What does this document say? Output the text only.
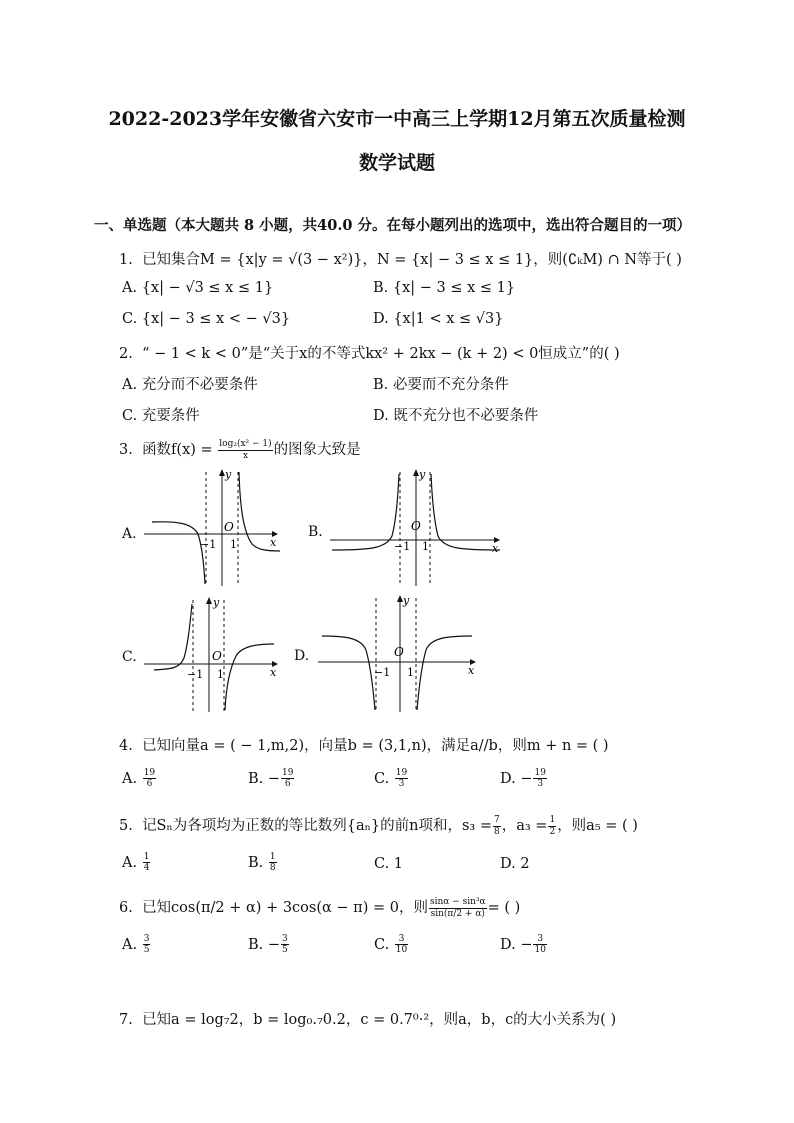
2022-2023学年安徽省六安市一中高三上学期12月第五次质量检测
数学试题
一、单选题（本大题共 8 小题，共40.0 分。在每小题列出的选项中，选出符合题目的一项）
1. 已知集合M = {x|y = √(3 − x²)}，N = {x| − 3 ≤ x ≤ 1}，则(∁ₖM) ∩ N等于( )
A. {x| − √3 ≤ x ≤ 1}	B. {x| − 3 ≤ x ≤ 1}
C. {x| − 3 ≤ x < − √3}	D. {x|1 < x ≤ √3}
2. “ − 1 < k < 0”是“关于x的不等式kx² + 2kx − (k + 2) < 0恒成立”的( )
A. 充分而不必要条件	B. 必要而不充分条件
C. 充要条件	D. 既不充分也不必要条件
3. 函数$f(x) = \frac{\text{log₂(x² − 1)}}{x}$ 的图象大致是
A.	B.
C.	D.
y
x
O
−1 1
y
x
O
−1 1
y
x
O
−1 1
y
x
O
−1 1
4. 已知向量a = ( − 1,m,2)，向量b = (3,1,n)，满足a//b，则m + n = ( )
A. $\frac{19}{6}$	B. − $\frac{19}{6}$	C. $\frac{19}{3}$	D. − $\frac{19}{3}$
5. 记Sₙ为各项均为正数的等比数列{aₙ}的前n项和，$s_3 = \frac{7}{8}$ ，$a_3 = \frac{1}{2}$ ，则a₅ = ( )
A. $\frac{1}{4}$	B. $\frac{1}{8}$	C. 1	D. 2
6. 已知cos(π/2 + α) + 3cos(α − π) = 0，则 $\frac{\text{sinα − sin³α}}{\sin(\pi/2 + \alpha)}$ = ( )
A. $\frac{3}{5}$	B. − $\frac{3}{5}$	C. $\frac{3}{10}$	D. − $\frac{3}{10}$
7. 已知a = log₇2，b = log₀.₇0.2，c = 0.7⁰·²，则a，b，c的大小关系为( )
